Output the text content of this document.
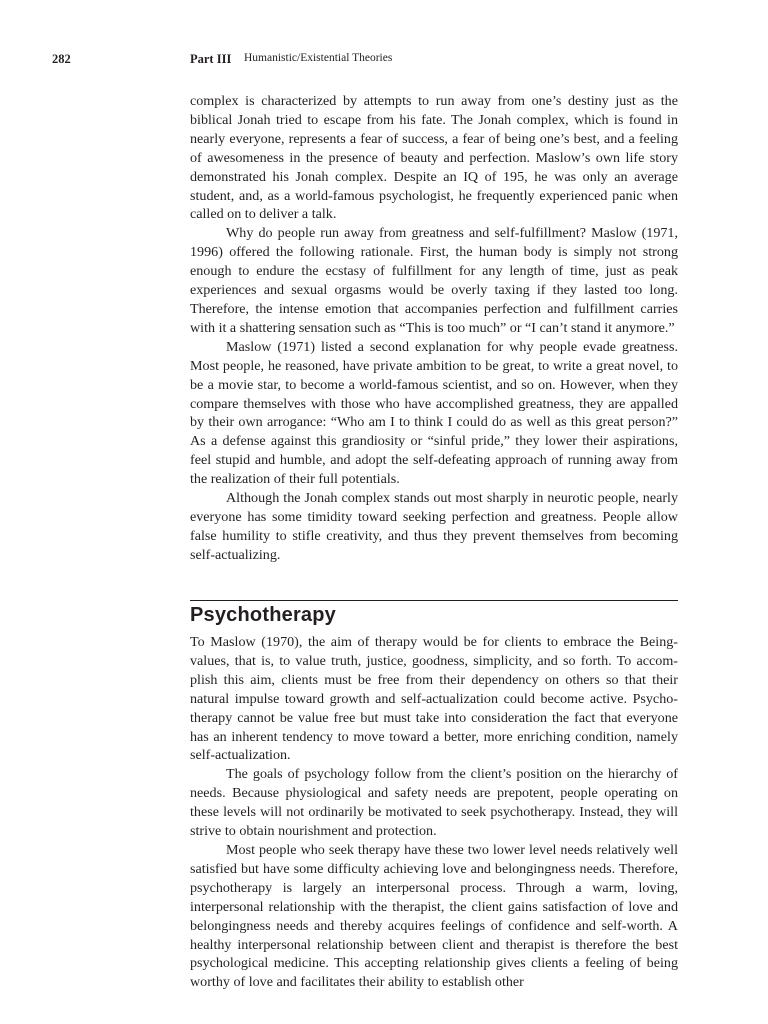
282	Part III Humanistic/Existential Theories

complex is characterized by attempts to run away from one’s destiny just as the biblical Jonah tried to escape from his fate. The Jonah complex, which is found in nearly everyone, represents a fear of success, a fear of being one’s best, and a feeling of awesomeness in the presence of beauty and perfection. Maslow’s own life story demonstrated his Jonah complex. Despite an IQ of 195, he was only an average student, and, as a world-famous psychologist, he frequently experienced panic when called on to deliver a talk.

Why do people run away from greatness and self-fulfillment? Maslow (1971, 1996) offered the following rationale. First, the human body is simply not strong enough to endure the ecstasy of fulfillment for any length of time, just as peak experiences and sexual orgasms would be overly taxing if they lasted too long. Therefore, the intense emotion that accompanies perfection and fulfillment carries with it a shattering sensation such as “This is too much” or “I can’t stand it anymore.”

Maslow (1971) listed a second explanation for why people evade greatness. Most people, he reasoned, have private ambition to be great, to write a great novel, to be a movie star, to become a world-famous scientist, and so on. However, when they compare themselves with those who have accomplished greatness, they are appalled by their own arrogance: “Who am I to think I could do as well as this great person?” As a defense against this grandiosity or “sinful pride,” they lower their aspirations, feel stupid and humble, and adopt the self-defeating approach of running away from the realization of their full potentials.

Although the Jonah complex stands out most sharply in neurotic people, nearly everyone has some timidity toward seeking perfection and greatness. People allow false humility to stifle creativity, and thus they prevent themselves from becoming self-actualizing.

Psychotherapy

To Maslow (1970), the aim of therapy would be for clients to embrace the Being-values, that is, to value truth, justice, goodness, simplicity, and so forth. To accomplish this aim, clients must be free from their dependency on others so that their natural impulse toward growth and self-actualization could become active. Psychotherapy cannot be value free but must take into consideration the fact that everyone has an inherent tendency to move toward a better, more enriching condition, namely self-actualization.

The goals of psychology follow from the client’s position on the hierarchy of needs. Because physiological and safety needs are prepotent, people operating on these levels will not ordinarily be motivated to seek psychotherapy. Instead, they will strive to obtain nourishment and protection.

Most people who seek therapy have these two lower level needs relatively well satisfied but have some difficulty achieving love and belongingness needs. Therefore, psychotherapy is largely an interpersonal process. Through a warm, loving, interpersonal relationship with the therapist, the client gains satisfaction of love and belongingness needs and thereby acquires feelings of confidence and self-worth. A healthy interpersonal relationship between client and therapist is therefore the best psychological medicine. This accepting relationship gives clients a feeling of being worthy of love and facilitates their ability to establish other
